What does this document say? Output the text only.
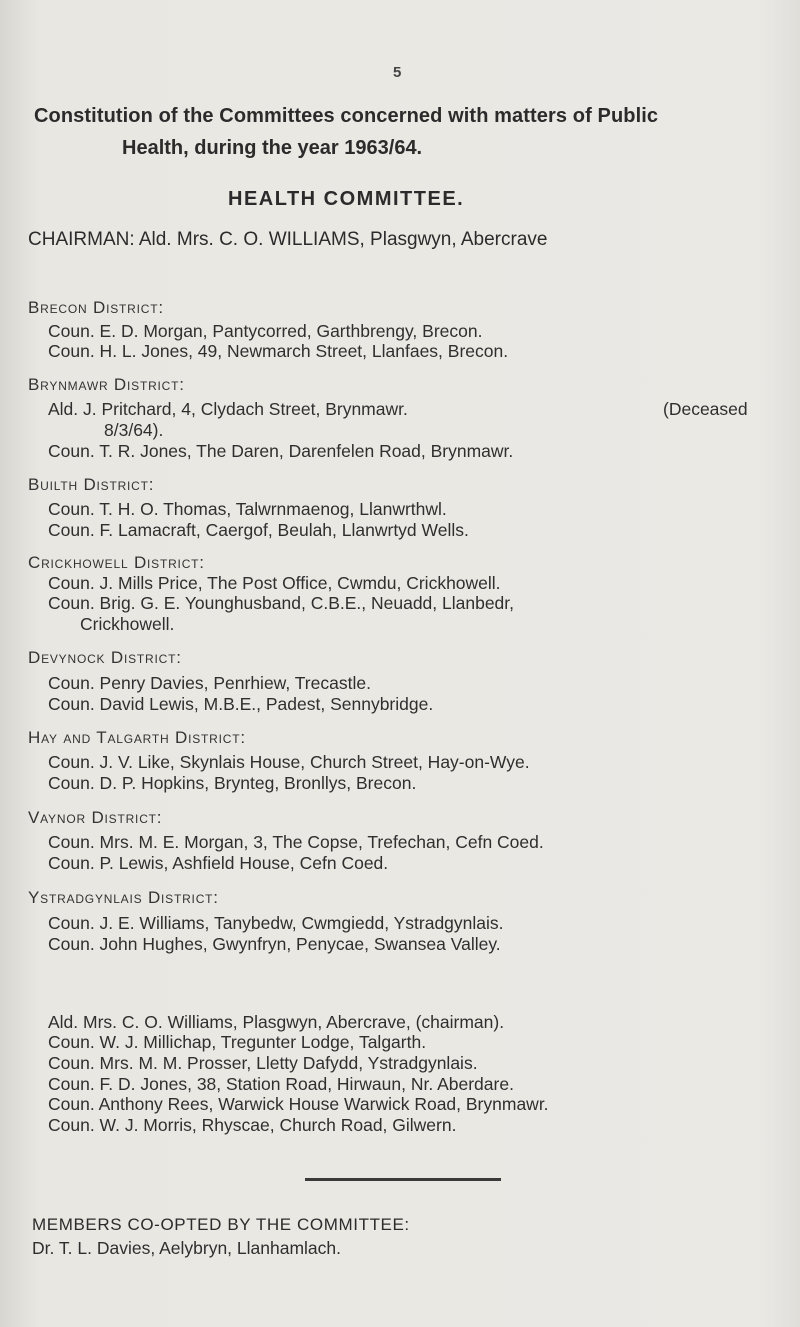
5
Constitution of the Committees concerned with matters of Public
Health, during the year 1963/64.
HEALTH COMMITTEE.
CHAIRMAN: Ald. Mrs. C. O. WILLIAMS, Plasgwyn, Abercrave
Brecon District:
Coun. E. D. Morgan, Pantycorred, Garthbrengy, Brecon.
Coun. H. L. Jones, 49, Newmarch Street, Llanfaes, Brecon.
Brynmawr District:
Ald. J. Pritchard, 4, Clydach Street, Brynmawr.	(Deceased
8/3/64).
Coun. T. R. Jones, The Daren, Darenfelen Road, Brynmawr.
Builth District:
Coun. T. H. O. Thomas, Talwrnmaenog, Llanwrthwl.
Coun. F. Lamacraft, Caergof, Beulah, Llanwrtyd Wells.
Crickhowell District:
Coun. J. Mills Price, The Post Office, Cwmdu, Crickhowell.
Coun. Brig. G. E. Younghusband, C.B.E., Neuadd, Llanbedr,
Crickhowell.
Devynock District:
Coun. Penry Davies, Penrhiew, Trecastle.
Coun. David Lewis, M.B.E., Padest, Sennybridge.
Hay and Talgarth District:
Coun. J. V. Like, Skynlais House, Church Street, Hay-on-Wye.
Coun. D. P. Hopkins, Brynteg, Bronllys, Brecon.
Vaynor District:
Coun. Mrs. M. E. Morgan, 3, The Copse, Trefechan, Cefn Coed.
Coun. P. Lewis, Ashfield House, Cefn Coed.
Ystradgynlais District:
Coun. J. E. Williams, Tanybedw, Cwmgiedd, Ystradgynlais.
Coun. John Hughes, Gwynfryn, Penycae, Swansea Valley.
Ald. Mrs. C. O. Williams, Plasgwyn, Abercrave, (chairman).
Coun. W. J. Millichap, Tregunter Lodge, Talgarth.
Coun. Mrs. M. M. Prosser, Lletty Dafydd, Ystradgynlais.
Coun. F. D. Jones, 38, Station Road, Hirwaun, Nr. Aberdare.
Coun. Anthony Rees, Warwick House Warwick Road, Brynmawr.
Coun. W. J. Morris, Rhyscae, Church Road, Gilwern.
MEMBERS CO-OPTED BY THE COMMITTEE:
Dr. T. L. Davies, Aelybryn, Llanhamlach.
